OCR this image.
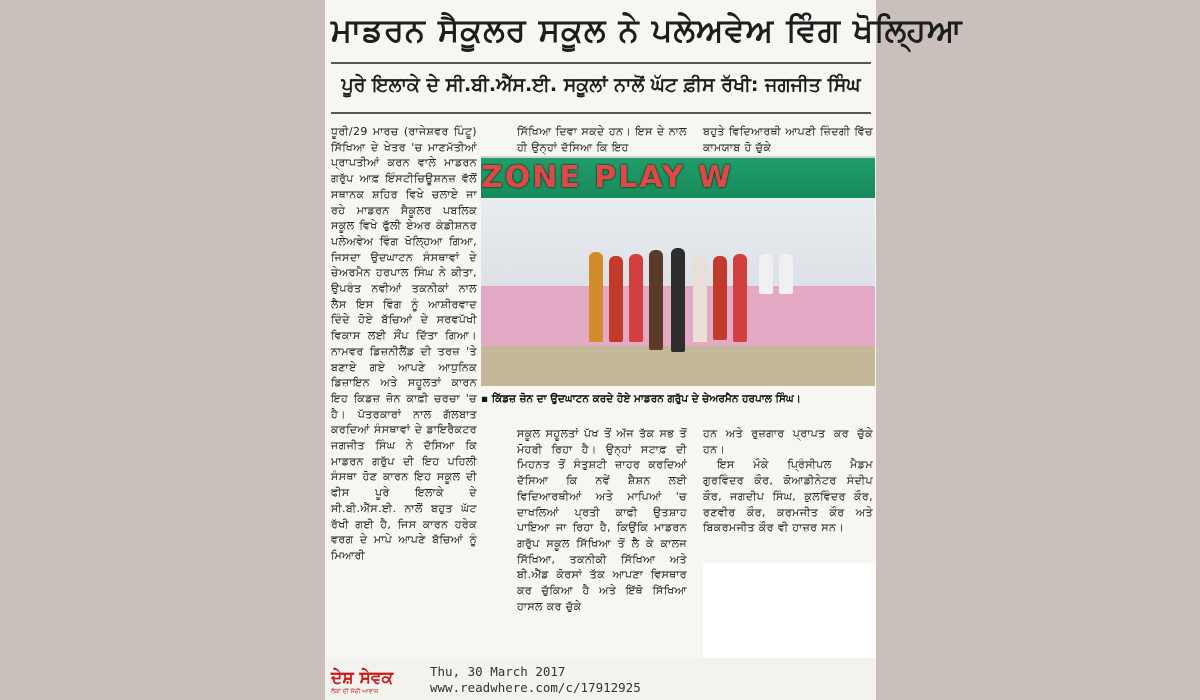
ਮਾਡਰਨ ਸੈਕੂਲਰ ਸਕੂਲ ਨੇ ਪਲੇਅਵੇਅ ਵਿੰਗ ਖੋਲ੍ਹਿਆ
ਪੂਰੇ ਇਲਾਕੇ ਦੇ ਸੀ.ਬੀ.ਐੱਸ.ਈ. ਸਕੂਲਾਂ ਨਾਲੋਂ ਘੱਟ ਫ਼ੀਸ ਰੱਖੀ: ਜਗਜੀਤ ਸਿੰਘ

ਧੂਰੀ/29 ਮਾਰਚ (ਰਾਜੇਸ਼ਵਰ ਪਿੰਟੂ) ਸਿੱਖਿਆ ਦੇ ਖੇਤਰ 'ਚ ਮਾਣਮੱਤੀਆਂ ਪ੍ਰਾਪਤੀਆਂ ਕਰਨ ਵਾਲੇ ਮਾਡਰਨ ਗਰੁੱਪ ਆਫ਼ ਇੰਸਟੀਚਿਊਸ਼ਨਜ਼ ਵੱਲੋਂ ਸਥਾਨਕ ਸ਼ਹਿਰ ਵਿਖੇ ਚਲਾਏ ਜਾ ਰਹੇ ਮਾਡਰਨ ਸੈਕੂਲਰ ਪਬਲਿਕ ਸਕੂਲ ਵਿਖੇ ਫੁੱਲੀ ਏਅਰ ਕੰਡੀਸ਼ਨਰ ਪਲੇਅਵੇਅ ਵਿੰਗ ਖੋਲ੍ਹਿਆ ਗਿਆ, ਜਿਸਦਾ ਉਦਘਾਟਨ ਸੰਸਥਾਵਾਂ ਦੇ ਚੇਅਰਮੈਨ ਹਰਪਾਲ ਸਿੰਘ ਨੇ ਕੀਤਾ, ਉਪਰੰਤ ਨਵੀਆਂ ਤਕਨੀਕਾਂ ਨਾਲ ਲੈਸ ਇਸ ਵਿੰਗ ਨੂੰ ਆਸ਼ੀਰਵਾਦ ਦਿੰਦੇ ਹੋਏ ਬੱਚਿਆਂ ਦੇ ਸਰਵਪੱਖੀ ਵਿਕਾਸ ਲਈ ਸੌਂਪ ਦਿੱਤਾ ਗਿਆ। ਨਾਮਵਰ ਡਿਜ਼ਨੀਲੈਂਡ ਦੀ ਤਰਜ਼ 'ਤੇ ਬਣਾਏ ਗਏ ਆਪਣੇ ਆਧੁਨਿਕ ਡਿਜ਼ਾਇਨ ਅਤੇ ਸਹੂਲਤਾਂ ਕਾਰਨ ਇਹ ਕਿਡਜ਼ ਜ਼ੋਨ ਕਾਫ਼ੀ ਚਰਚਾ 'ਚ ਹੈ। ਪੱਤਰਕਾਰਾਂ ਨਾਲ ਗੱਲਬਾਤ ਕਰਦਿਆਂ ਸੰਸਥਾਵਾਂ ਦੇ ਡਾਇਰੈਕਟਰ ਜਗਜੀਤ ਸਿੰਘ ਨੇ ਦੱਸਿਆ ਕਿ ਮਾਡਰਨ ਗਰੁੱਪ ਦੀ ਇਹ ਪਹਿਲੀ ਸੰਸਥਾ ਹੋਣ ਕਾਰਨ ਇਹ ਸਕੂਲ ਦੀ ਫੀਸ ਪੂਰੇ ਇਲਾਕੇ ਦੇ ਸੀ.ਬੀ.ਐੱਸ.ਈ. ਨਾਲੋਂ ਬਹੁਤ ਘੱਟ ਰੱਖੀ ਗਈ ਹੈ, ਜਿਸ ਕਾਰਨ ਹਰੇਕ ਵਰਗ ਦੇ ਮਾਪੇ ਆਪਣੇ ਬੱਚਿਆਂ ਨੂੰ ਮਿਆਰੀ

ਸਿੱਖਿਆ ਦਿਵਾ ਸਕਦੇ ਹਨ। ਇਸ ਦੇ ਨਾਲ ਹੀ ਉਨ੍ਹਾਂ ਦੱਸਿਆ ਕਿ ਇਹ

ਬਹੁਤੇ ਵਿਦਿਆਰਥੀ ਆਪਣੀ ਜ਼ਿੰਦਗੀ ਵਿੱਚ ਕਾਮਯਾਬ ਹੋ ਚੁੱਕੇ

ZONE PLAY W
▪ ਕਿੱਡਜ਼ ਜ਼ੋਨ ਦਾ ਉਦਘਾਟਨ ਕਰਦੇ ਹੋਏ ਮਾਡਰਨ ਗਰੁੱਪ ਦੇ ਚੇਅਰਮੈਨ ਹਰਪਾਲ ਸਿੰਘ।

ਸਕੂਲ ਸਹੂਲਤਾਂ ਪੱਖ ਤੋਂ ਅੱਜ ਤੱਕ ਸਭ ਤੋਂ ਮੋਹਰੀ ਰਿਹਾ ਹੈ। ਉਨ੍ਹਾਂ ਸਟਾਫ਼ ਦੀ ਮਿਹਨਤ ਤੋਂ ਸੰਤੁਸ਼ਟੀ ਜ਼ਾਹਰ ਕਰਦਿਆਂ ਦੱਸਿਆ ਕਿ ਨਵੇਂ ਸ਼ੈਸ਼ਨ ਲਈ ਵਿਦਿਆਰਥੀਆਂ ਅਤੇ ਮਾਪਿਆਂ 'ਚ ਦਾਖਲਿਆਂ ਪ੍ਰਤੀ ਕਾਫੀ ਉਤਸ਼ਾਹ ਪਾਇਆ ਜਾ ਰਿਹਾ ਹੈ, ਕਿਉਂਕਿ ਮਾਡਰਨ ਗਰੁੱਪ ਸਕੂਲ ਸਿੱਖਿਆ ਤੋਂ ਲੈ ਕੇ ਕਾਲਜ ਸਿੱਖਿਆ, ਤਕਨੀਕੀ ਸਿੱਖਿਆ ਅਤੇ ਬੀ.ਐੱਡ ਕੋਰਸਾਂ ਤੱਕ ਆਪਣਾ ਵਿਸਥਾਰ ਕਰ ਚੁੱਕਿਆ ਹੈ ਅਤੇ ਇੱਥੋ ਸਿੱਖਿਆ ਹਾਸਲ ਕਰ ਚੁੱਕੇ

ਹਨ ਅਤੇ ਰੁਜ਼ਗਾਰ ਪ੍ਰਾਪਤ ਕਰ ਚੁੱਕੇ ਹਨ।

ਇਸ ਮੌਕੇ ਪ੍ਰਿੰਸੀਪਲ ਮੈਡਮ ਗੁਰਵਿੰਦਰ ਕੌਰ, ਕੋਆਡੀਨੇਟਰ ਸੰਦੀਪ ਕੌਰ, ਜਗਦੀਪ ਸਿੰਘ, ਕੁਲਵਿੰਦਰ ਕੌਰ, ਰਣਵੀਰ ਕੌਰ, ਕਰਮਜੀਤ ਕੌਰ ਅਤੇ ਬਿਕਰਮਜੀਤ ਕੌਰ ਵੀ ਹਾਜ਼ਰ ਸਨ।

ਦੇਸ਼ ਸੇਵਕ
ਲੋਕਾਂ ਦੀ ਸੱਚੀ ਆਵਾਜ਼
Thu, 30 March 2017
www.readwhere.com/c/17912925
